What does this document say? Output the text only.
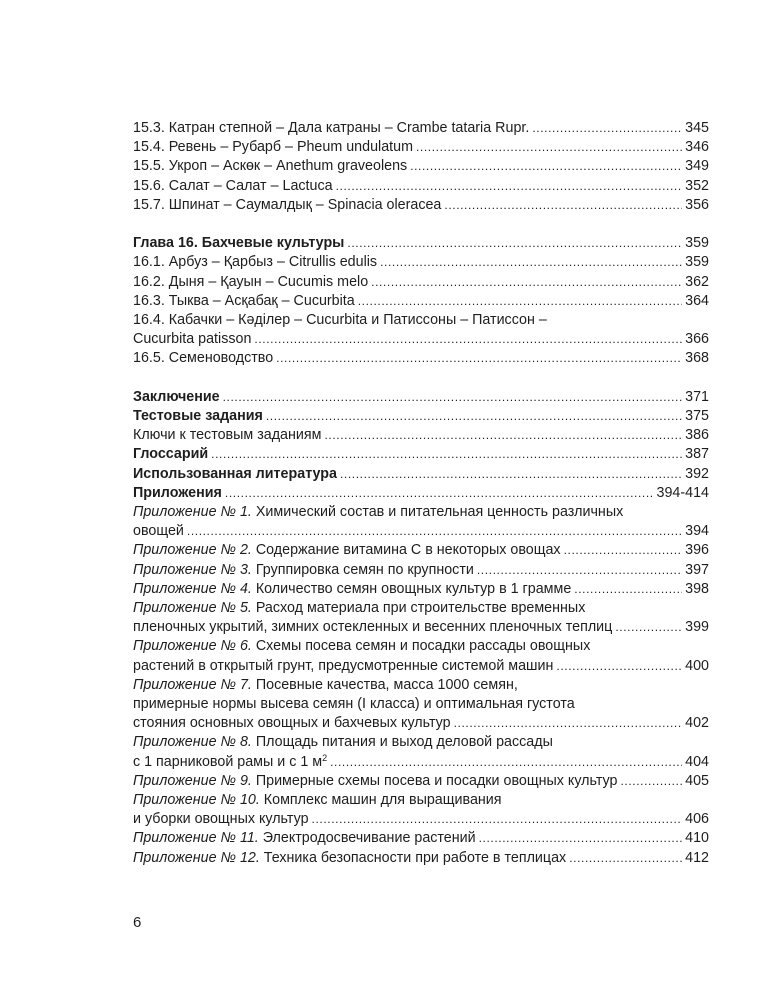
15.3. Катран степной – Дала катраны – Crambe tataria Rupr. .....	345
15.4. Ревень – Рубарб – Pheum undulatum .....	346
15.5. Укроп – Аскөк – Anethum graveolens .....	349
15.6. Салат – Салат – Lactuca .....	352
15.7. Шпинат – Саумалдық – Spinacia oleracea .....	356
Глава 16. Бахчевые культуры .....	359
16.1. Арбуз – Қарбыз – Citrullis edulis .....	359
16.2. Дыня – Қауын – Cucumis melo .....	362
16.3. Тыква – Асқабақ – Cucurbita .....	364
16.4. Кабачки – Кәділер – Cucurbita и Патиссоны – Патиссон –
Cucurbita patisson .....	366
16.5. Семеноводство .....	368
Заключение .....	371
Тестовые задания .....	375
Ключи к тестовым заданиям .....	386
Глоссарий .....	387
Использованная литература .....	392
Приложения .....	394-414
Приложение № 1. Химический состав и питательная ценность различных
овощей .....	394
Приложение № 2. Содержание витамина С в некоторых овощах .....	396
Приложение № 3. Группировка семян по крупности .....	397
Приложение № 4. Количество семян овощных культур в 1 грамме .....	398
Приложение № 5. Расход материала при строительстве временных
пленочных укрытий, зимних остекленных и весенних пленочных теплиц .....	399
Приложение № 6. Схемы посева семян и посадки рассады овощных
растений в открытый грунт, предусмотренные системой машин .....	400
Приложение № 7. Посевные качества, масса 1000 семян,
примерные нормы высева семян (I класса) и оптимальная густота
стояния основных овощных и бахчевых культур .....	402
Приложение № 8. Площадь питания и выход деловой рассады
с 1 парниковой рамы и с 1 $м^2$ .....	404
Приложение № 9. Примерные схемы посева и посадки овощных культур .....	405
Приложение № 10. Комплекс машин для выращивания
и уборки овощных культур .....	406
Приложение № 11. Электродосвечивание растений .....	410
Приложение № 12. Техника безопасности при работе в теплицах .....	412
6
